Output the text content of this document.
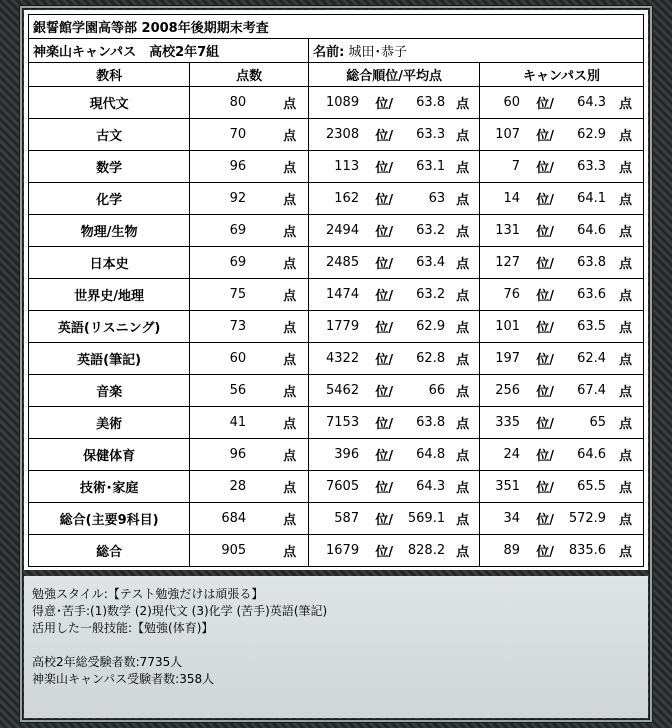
銀誓館学園高等部 2008年後期期末考査			
神楽山キャンパス　高校2年7組		名前: 城田･恭子	
教科	点数	総合順位/平均点	キャンパス別
現代文	80 点	1089 位/ 63.8 点	60 位/ 64.3 点

古文	70 点	2308 位/ 63.3 点	107 位/ 62.9 点

数学	96 点	113 位/ 63.1 点	7 位/ 63.3 点

化学	92 点	162 位/ 63 点	14 位/ 64.1 点

物理/生物	69 点	2494 位/ 63.2 点	131 位/ 64.6 点

日本史	69 点	2485 位/ 63.4 点	127 位/ 63.8 点

世界史/地理	75 点	1474 位/ 63.2 点	76 位/ 63.6 点

英語(リスニング)	73 点	1779 位/ 62.9 点	101 位/ 63.5 点

英語(筆記)	60 点	4322 位/ 62.8 点	197 位/ 62.4 点

音楽	56 点	5462 位/ 66 点	256 位/ 67.4 点

美術	41 点	7153 位/ 63.8 点	335 位/ 65 点

保健体育	96 点	396 位/ 64.8 点	24 位/ 64.6 点

技術･家庭	28 点	7605 位/ 64.3 点	351 位/ 65.5 点

総合(主要9科目)	684 点	587 位/ 569.1 点	34 位/ 572.9 点

総合	905 点	1679 位/ 828.2 点	89 位/ 835.6 点
勉強スタイル:【テスト勉強だけは頑張る】
得意･苦手:(1)数学 (2)現代文 (3)化学 (苦手)英語(筆記)
活用した一般技能:【勉強(体育)】
高校2年総受験者数:7735人
神楽山キャンパス受験者数:358人
